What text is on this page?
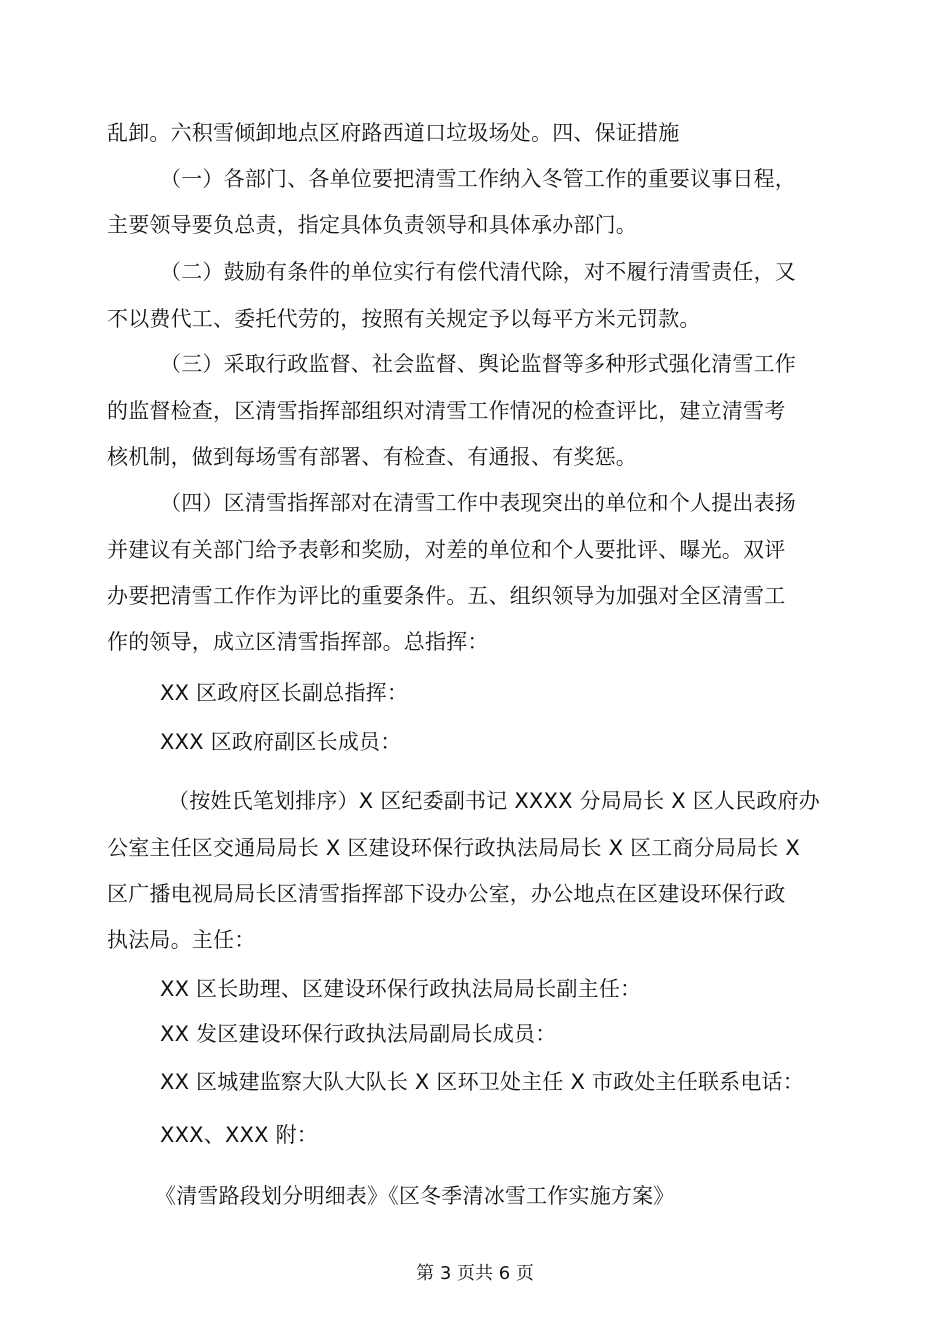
乱卸。六积雪倾卸地点区府路西道口垃圾场处。四、保证措施
（一）各部门、各单位要把清雪工作纳入冬管工作的重要议事日程，
主要领导要负总责，指定具体负责领导和具体承办部门。
（二）鼓励有条件的单位实行有偿代清代除，对不履行清雪责任，又
不以费代工、委托代劳的，按照有关规定予以每平方米元罚款。
（三）采取行政监督、社会监督、舆论监督等多种形式强化清雪工作
的监督检查，区清雪指挥部组织对清雪工作情况的检查评比，建立清雪考
核机制，做到每场雪有部署、有检查、有通报、有奖惩。
（四）区清雪指挥部对在清雪工作中表现突出的单位和个人提出表扬
并建议有关部门给予表彰和奖励，对差的单位和个人要批评、曝光。双评
办要把清雪工作作为评比的重要条件。五、组织领导为加强对全区清雪工
作的领导，成立区清雪指挥部。总指挥：
XX 区政府区长副总指挥：
XXX 区政府副区长成员：
（按姓氏笔划排序）X 区纪委副书记 XXXX 分局局长 X 区人民政府办
公室主任区交通局局长 X 区建设环保行政执法局局长 X 区工商分局局长 X
区广播电视局局长区清雪指挥部下设办公室，办公地点在区建设环保行政
执法局。主任：
XX 区长助理、区建设环保行政执法局局长副主任：
XX 发区建设环保行政执法局副局长成员：
XX 区城建监察大队大队长 X 区环卫处主任 X 市政处主任联系电话：
XXX、XXX 附：
《清雪路段划分明细表》《区冬季清冰雪工作实施方案》
第 3 页共 6 页
